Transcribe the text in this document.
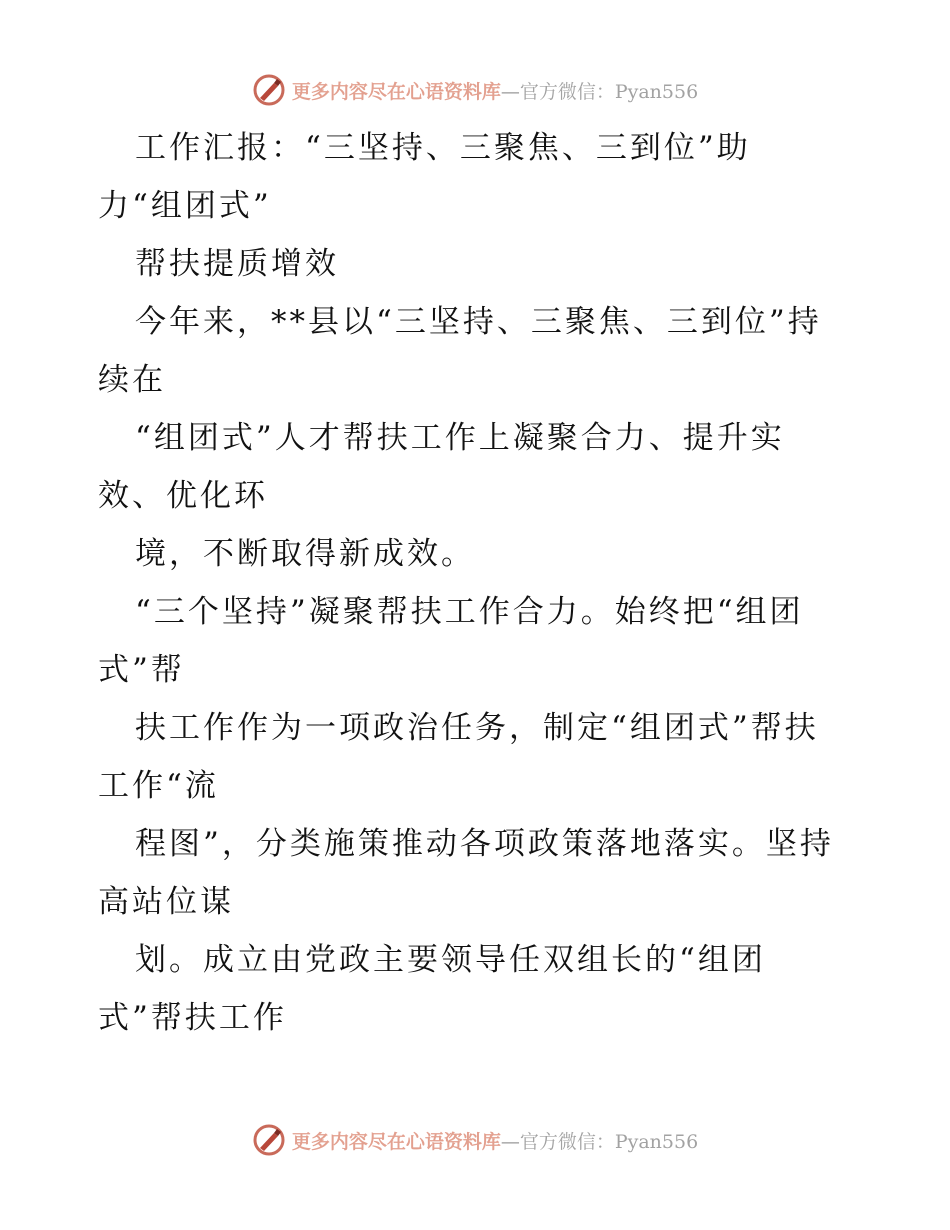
更多内容尽在心语资料库—官方微信：Pyan556
工作汇报：“三坚持、三聚焦、三到位”助
力“组团式”
帮扶提质增效
今年来，**县以“三坚持、三聚焦、三到位”持
续在
“组团式”人才帮扶工作上凝聚合力、提升实
效、优化环
境，不断取得新成效。
“三个坚持”凝聚帮扶工作合力。始终把“组团
式”帮
扶工作作为一项政治任务，制定“组团式”帮扶
工作“流
程图”，分类施策推动各项政策落地落实。坚持
高站位谋
划。成立由党政主要领导任双组长的“组团
式”帮扶工作
更多内容尽在心语资料库—官方微信：Pyan556
